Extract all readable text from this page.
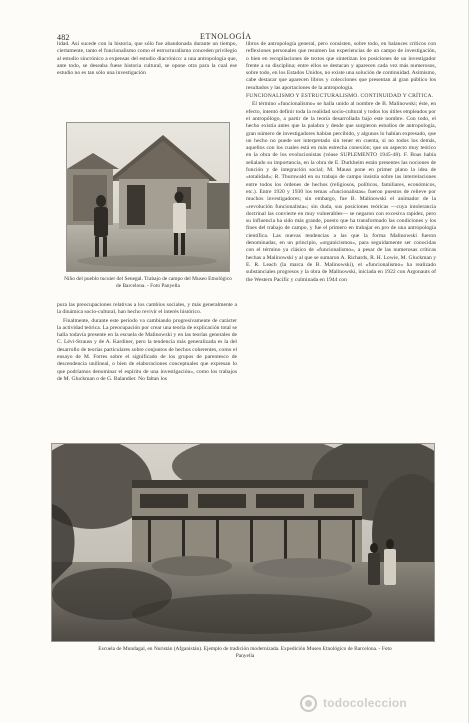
482	ETNOLOGÍA

lidad. Así sucede con la historia, que sólo fue abandonada durante un tiempo, ciertamente, tanto el funcionalismo como el estructuralismo conceden privilegio al estudio sincrónico a expensas del estudio diacrónico: a una antropología que, ante todo, se deseaba fuese historia cultural, se opone otra para la cual ese estudio no es tan sólo una investigación

Niño del pueblo tucuier del Senegal. Trabajo de campo del Museo Etnológico de Barcelona. - Foto Panyella

pura las preocupaciones relativas a los cambios sociales, y más generalmente a la dinámica socio-cultural, han hecho revivir el interés histórico.

Finalmente, durante este período va cambiando progresivamente de carácter la actividad teórica. La preocupación por crear una teoría de explicación total se halla todavía presente en la escuela de Malinowski y en las teorías generales de C. Lévi-Strauss y de A. Kardiner, pero la tendencia más generalizada es la del desarrollo de teorías particulares sobre conjuntos de hechos coherentes, como el ensayo de M. Fortes sobre el significado de los grupos de parentesco de descendencia unilineal, o bien de elaboraciones conceptuales que expresan lo que podríamos denominar el espíritu de una investigación», como los trabajos de M. Gluckman o de G. Balandier. No faltan los

libros de antropología general, pero consisten, sobre todo, en balances críticos con reflexiones personales que resumen las experiencias de un campo de investigación, o bien en recopilaciones de textos que sintetizan los posiciones de un investigador frente a su disciplina; entre ellos se destacan y aparecen cada vez más numerosos, sobre todo, en los Estados Unidos, no existe una solución de continuidad. Asimismo, cabe destacar que aparecen libros y colecciones que presentan al gran público los resultados y las aportaciones de la antropología.

FUNCIONALISMO Y ESTRUCTURALISMO. CONTINUIDAD Y CRÍTICA.

El término «funcionalismo» se halla unido al nombre de B. Malinowski; éste, en efecto, intentó definir toda la realidad socio-cultural y todos los útiles empleados por el antropólogo, a partir de la teoría desarrollada bajo este nombre. Con todo, el hecho existía antes que la palabra y desde que surgieron estudios de antropología, gran número de investigadores habían percibido, y algunos lo habían expresado, que un hecho no puede ser interpretado sin tener en cuenta, si no todos los demás, aquellos con los cuales está en más estrecha conexión; que un aspecto muy teórico en la obra de los evolucionistas (véase SUPLEMENTO 1945-48). F. Boas había señalado su importancia, en la obra de E. Durkheim están presentes las nociones de función y de integración social; M. Mauss pone en primer plano la idea de «totalidad»; R. Thurnwald en su trabajo de campo insistía sobre las interrelaciones entre todos los órdenes de hechos (religiosos, políticos, familiares, económicos, etc.). Entre 1920 y 1930 los temas «funcionalistas» fueron puestos de relieve por muchos investigadores; sin embargo, fue B. Malinowski el animador de la «revolución funcionalista»; sin duda, sus posiciones teóricas —cuya intolerancia doctrinal las convierte en muy vulnerables— se negaron con excesiva rapidez, pero su influencia ha sido más grande, puesto que ha transformado las condiciones y los fines del trabajo de campo, y fue el primero en trabajar en pro de una antropología científica. Las nuevas tendencias a las que la forma Malinowski fueron denominadas, en un principio, «organicismos», para seguidamente ser conocidas con el término ya clásico de «funcionalismo», a pesar de las numerosas críticas hechas a Malinowski y al que se sumaron A. Richards, R. H. Lowie, M. Gluckman y E. R. Leach (la marca de B. Malinowski), el «funcionalismo» ha realizado substanciales progresos y la obra de Malinowski, iniciada en 1922 con Argonauts of the Western Pacific y culminada en 1944 con

Escuela de Mundagal, en Nuristán (Afganistán). Ejemplo de tradición modernizada. Expedición Museo Etnológico de Barcelona. - Foto Panyella
todocoleccion
